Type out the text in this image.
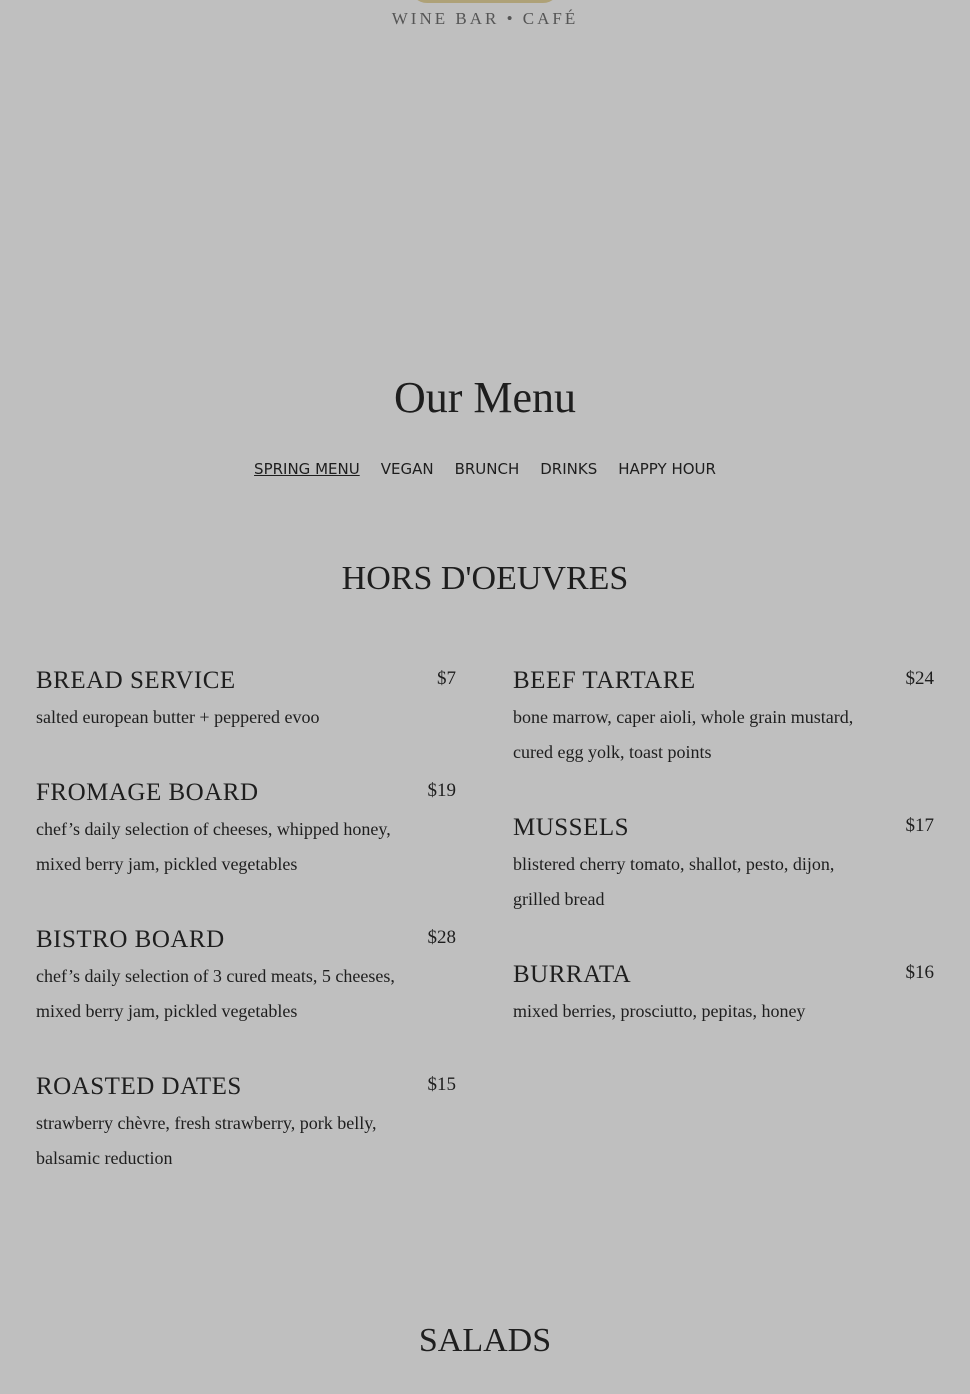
WINE BAR • CAFÉ
Our Menu
SPRING MENU VEGAN BRUNCH DRINKS HAPPY HOUR
HORS D'OEUVRES
BREAD SERVICE	$7
salted european butter + peppered evoo
FROMAGE BOARD	$19
chef’s daily selection of cheeses, whipped honey, mixed berry jam, pickled vegetables
BISTRO BOARD	$28
chef’s daily selection of 3 cured meats, 5 cheeses, mixed berry jam, pickled vegetables
ROASTED DATES	$15
strawberry chèvre, fresh strawberry, pork belly, balsamic reduction
BEEF TARTARE	$24
bone marrow, caper aioli, whole grain mustard, cured egg yolk, toast points
MUSSELS	$17
blistered cherry tomato, shallot, pesto, dijon, grilled bread
BURRATA	$16
mixed berries, prosciutto, pepitas, honey
SALADS
